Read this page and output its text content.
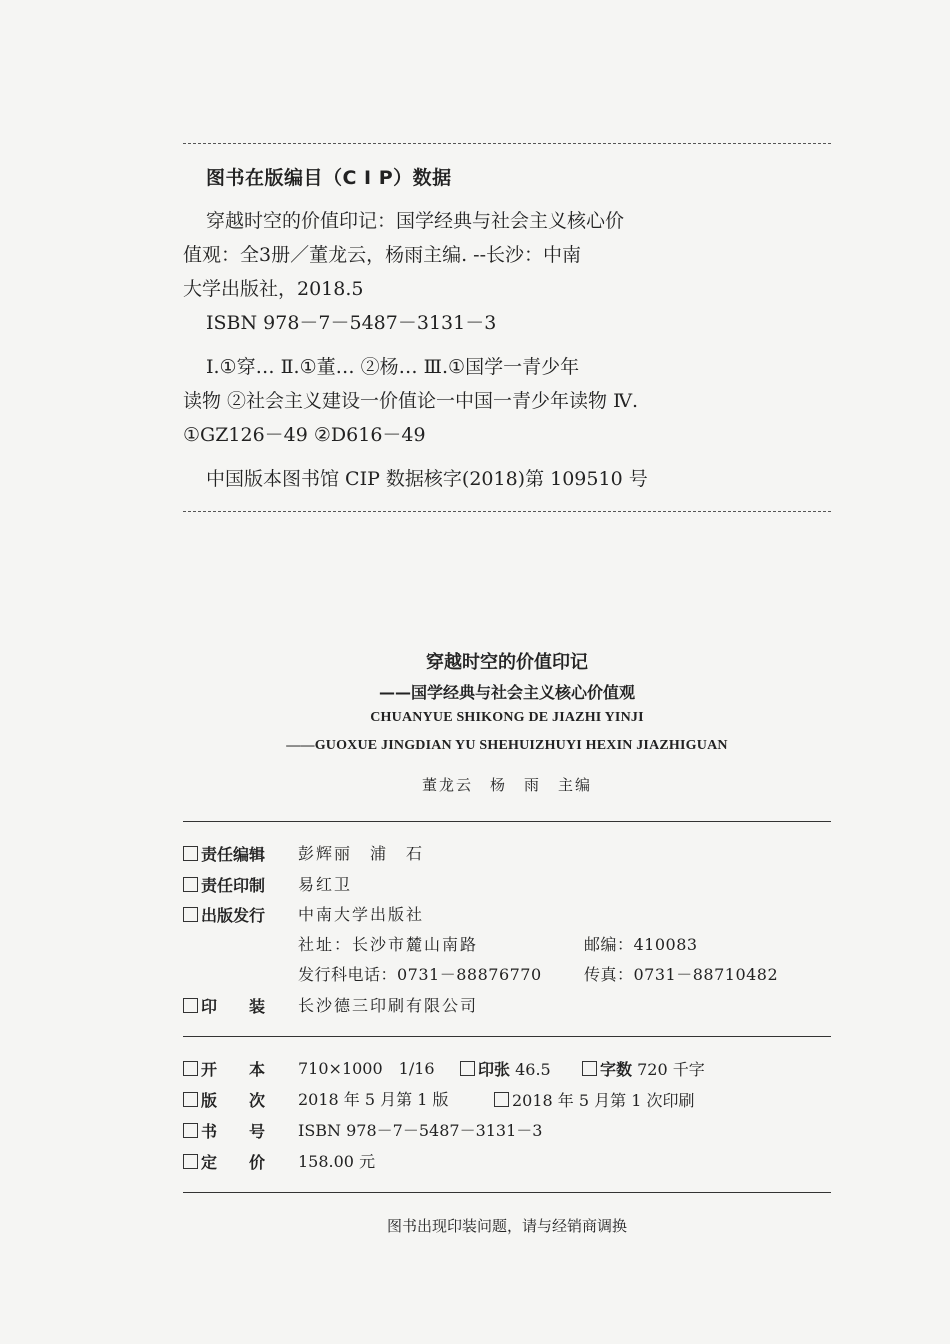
图书在版编目（C I P）数据
穿越时空的价值印记：国学经典与社会主义核心价
值观：全3册／董龙云，杨雨主编. --长沙：中南
大学出版社，2018.5
ISBN 978－7－5487－3131－3
Ⅰ.①穿… Ⅱ.①董… ②杨… Ⅲ.①国学一青少年
读物 ②社会主义建设一价值论一中国一青少年读物 Ⅳ.
①GZ126－49 ②D616－49
中国版本图书馆 CIP 数据核字(2018)第 109510 号
穿越时空的价值印记
——国学经典与社会主义核心价值观
CHUANYUE SHIKONG DE JIAZHI YINJI
——GUOXUE JINGDIAN YU SHEHUIZHUYI HEXIN JIAZHIGUAN
董龙云　杨　雨　主编
责任编辑 彭辉丽　浦　石
责任印制 易红卫
出版发行 中南大学出版社
社址：长沙市麓山南路	邮编：410083
发行科电话：0731－88876770	传真：0731－88710482
印　　装 长沙德三印刷有限公司
开　　本 710×1000　1/16	印张 46.5	字数 720 千字
版　　次 2018 年 5 月第 1 版	2018 年 5 月第 1 次印刷
书　　号 ISBN 978－7－5487－3131－3
定　　价 158.00 元
图书出现印装问题，请与经销商调换
